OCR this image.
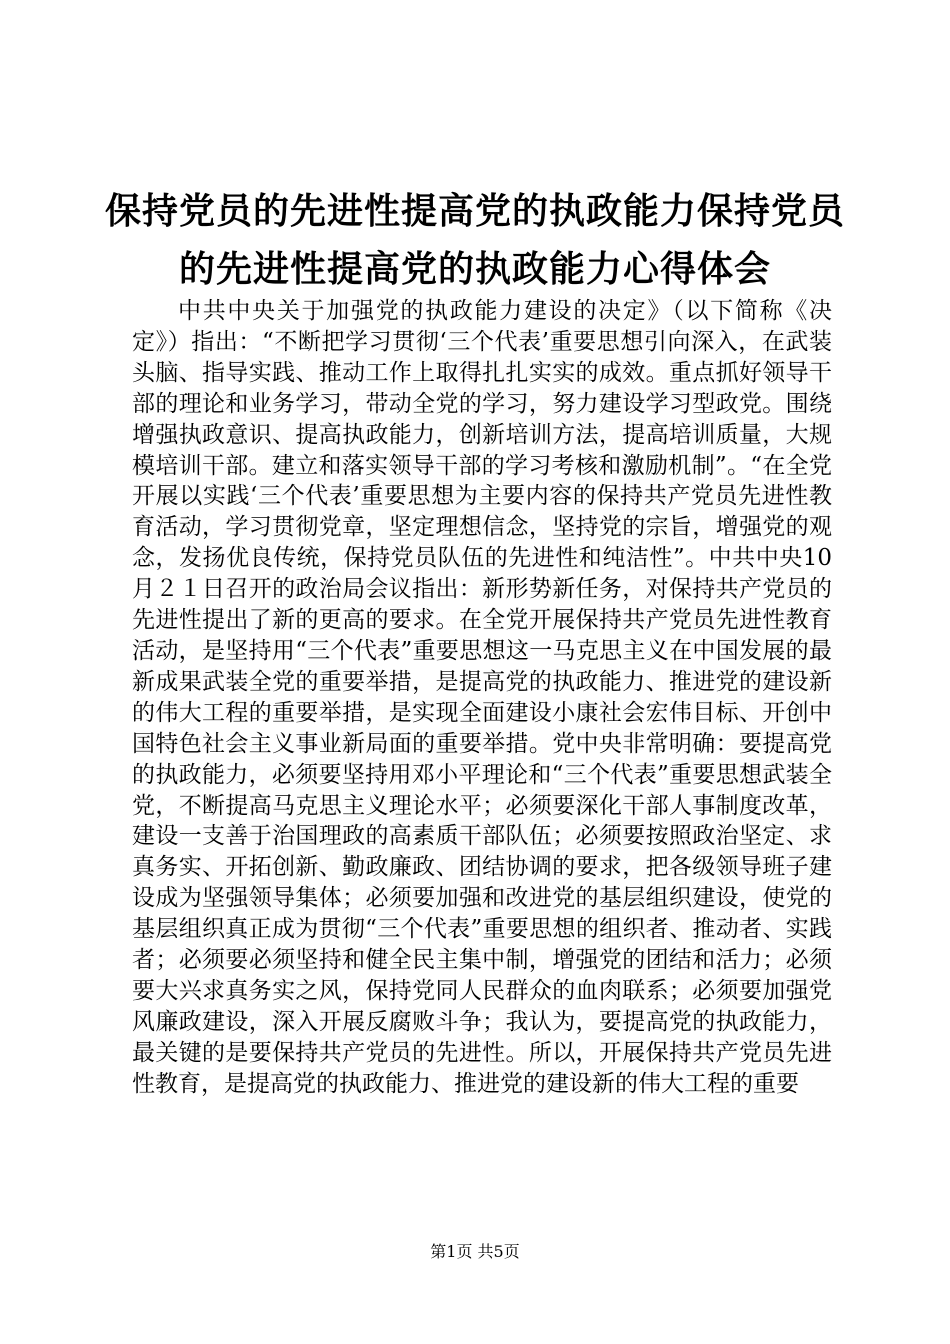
保持党员的先进性提高党的执政能力保持党员
的先进性提高党的执政能力心得体会

中共中央关于加强党的执政能力建设的决定》（以下简称《决定》）指出：“不断把学习贯彻‘三个代表’重要思想引向深入，在武装头脑、指导实践、推动工作上取得扎扎实实的成效。重点抓好领导干部的理论和业务学习，带动全党的学习，努力建设学习型政党。围绕增强执政意识、提高执政能力，创新培训方法，提高培训质量，大规模培训干部。建立和落实领导干部的学习考核和激励机制”。“在全党开展以实践‘三个代表’重要思想为主要内容的保持共产党员先进性教育活动，学习贯彻党章，坚定理想信念，坚持党的宗旨，增强党的观念，发扬优良传统，保持党员队伍的先进性和纯洁性”。中共中央10月２１日召开的政治局会议指出：新形势新任务，对保持共产党员的先进性提出了新的更高的要求。在全党开展保持共产党员先进性教育活动，是坚持用“三个代表”重要思想这一马克思主义在中国发展的最新成果武装全党的重要举措，是提高党的执政能力、推进党的建设新的伟大工程的重要举措，是实现全面建设小康社会宏伟目标、开创中国特色社会主义事业新局面的重要举措。党中央非常明确：要提高党的执政能力，必须要坚持用邓小平理论和“三个代表”重要思想武装全党，不断提高马克思主义理论水平；必须要深化干部人事制度改革，建设一支善于治国理政的高素质干部队伍；必须要按照政治坚定、求真务实、开拓创新、勤政廉政、团结协调的要求，把各级领导班子建设成为坚强领导集体；必须要加强和改进党的基层组织建设，使党的基层组织真正成为贯彻“三个代表”重要思想的组织者、推动者、实践者；必须要必须坚持和健全民主集中制，增强党的团结和活力；必须要大兴求真务实之风，保持党同人民群众的血肉联系；必须要加强党风廉政建设，深入开展反腐败斗争；我认为，要提高党的执政能力，最关键的是要保持共产党员的先进性。所以，开展保持共产党员先进性教育，是提高党的执政能力、推进党的建设新的伟大工程的重要

第1页 共5页
